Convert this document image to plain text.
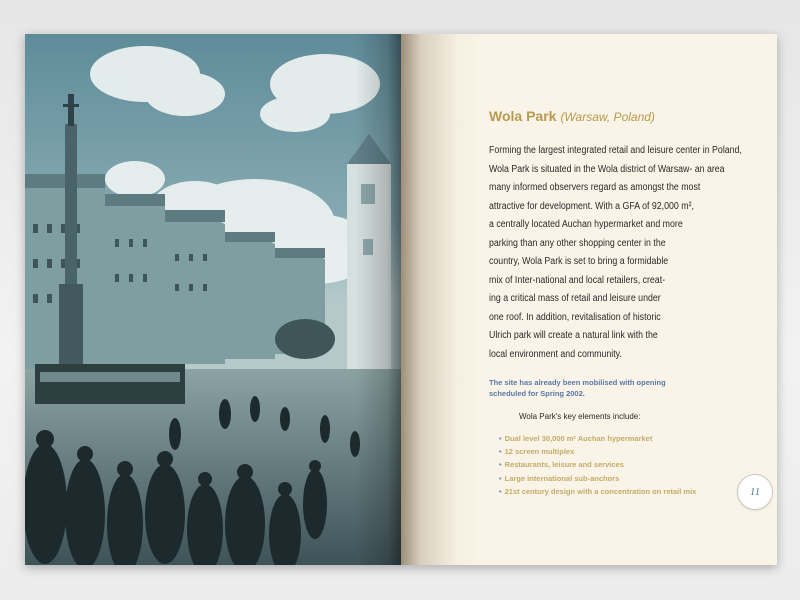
Wola Park (Warsaw, Poland)
Forming the largest integrated retail and leisure center in Poland,
Wola Park is situated in the Wola district of Warsaw- an area
many informed observers regard as amongst the most
attractive for development. With a GFA of 92,000 m²,
a centrally located Auchan hypermarket and more
parking than any other shopping center in the
country, Wola Park is set to bring a formidable
mix of Inter-national and local retailers, creat-
ing a critical mass of retail and leisure under
one roof. In addition, revitalisation of historic
Ulrich park will create a natural link with the
local environment and community.
The site has already been mobilised with opening
scheduled for Spring 2002.
Wola Park's key elements include:
• Dual level 30,000 m² Auchan hypermarket
• 12 screen multiplex
• Restaurants, leisure and services
• Large international sub-anchors
• 21st century design with a concentration on retail mix	11
